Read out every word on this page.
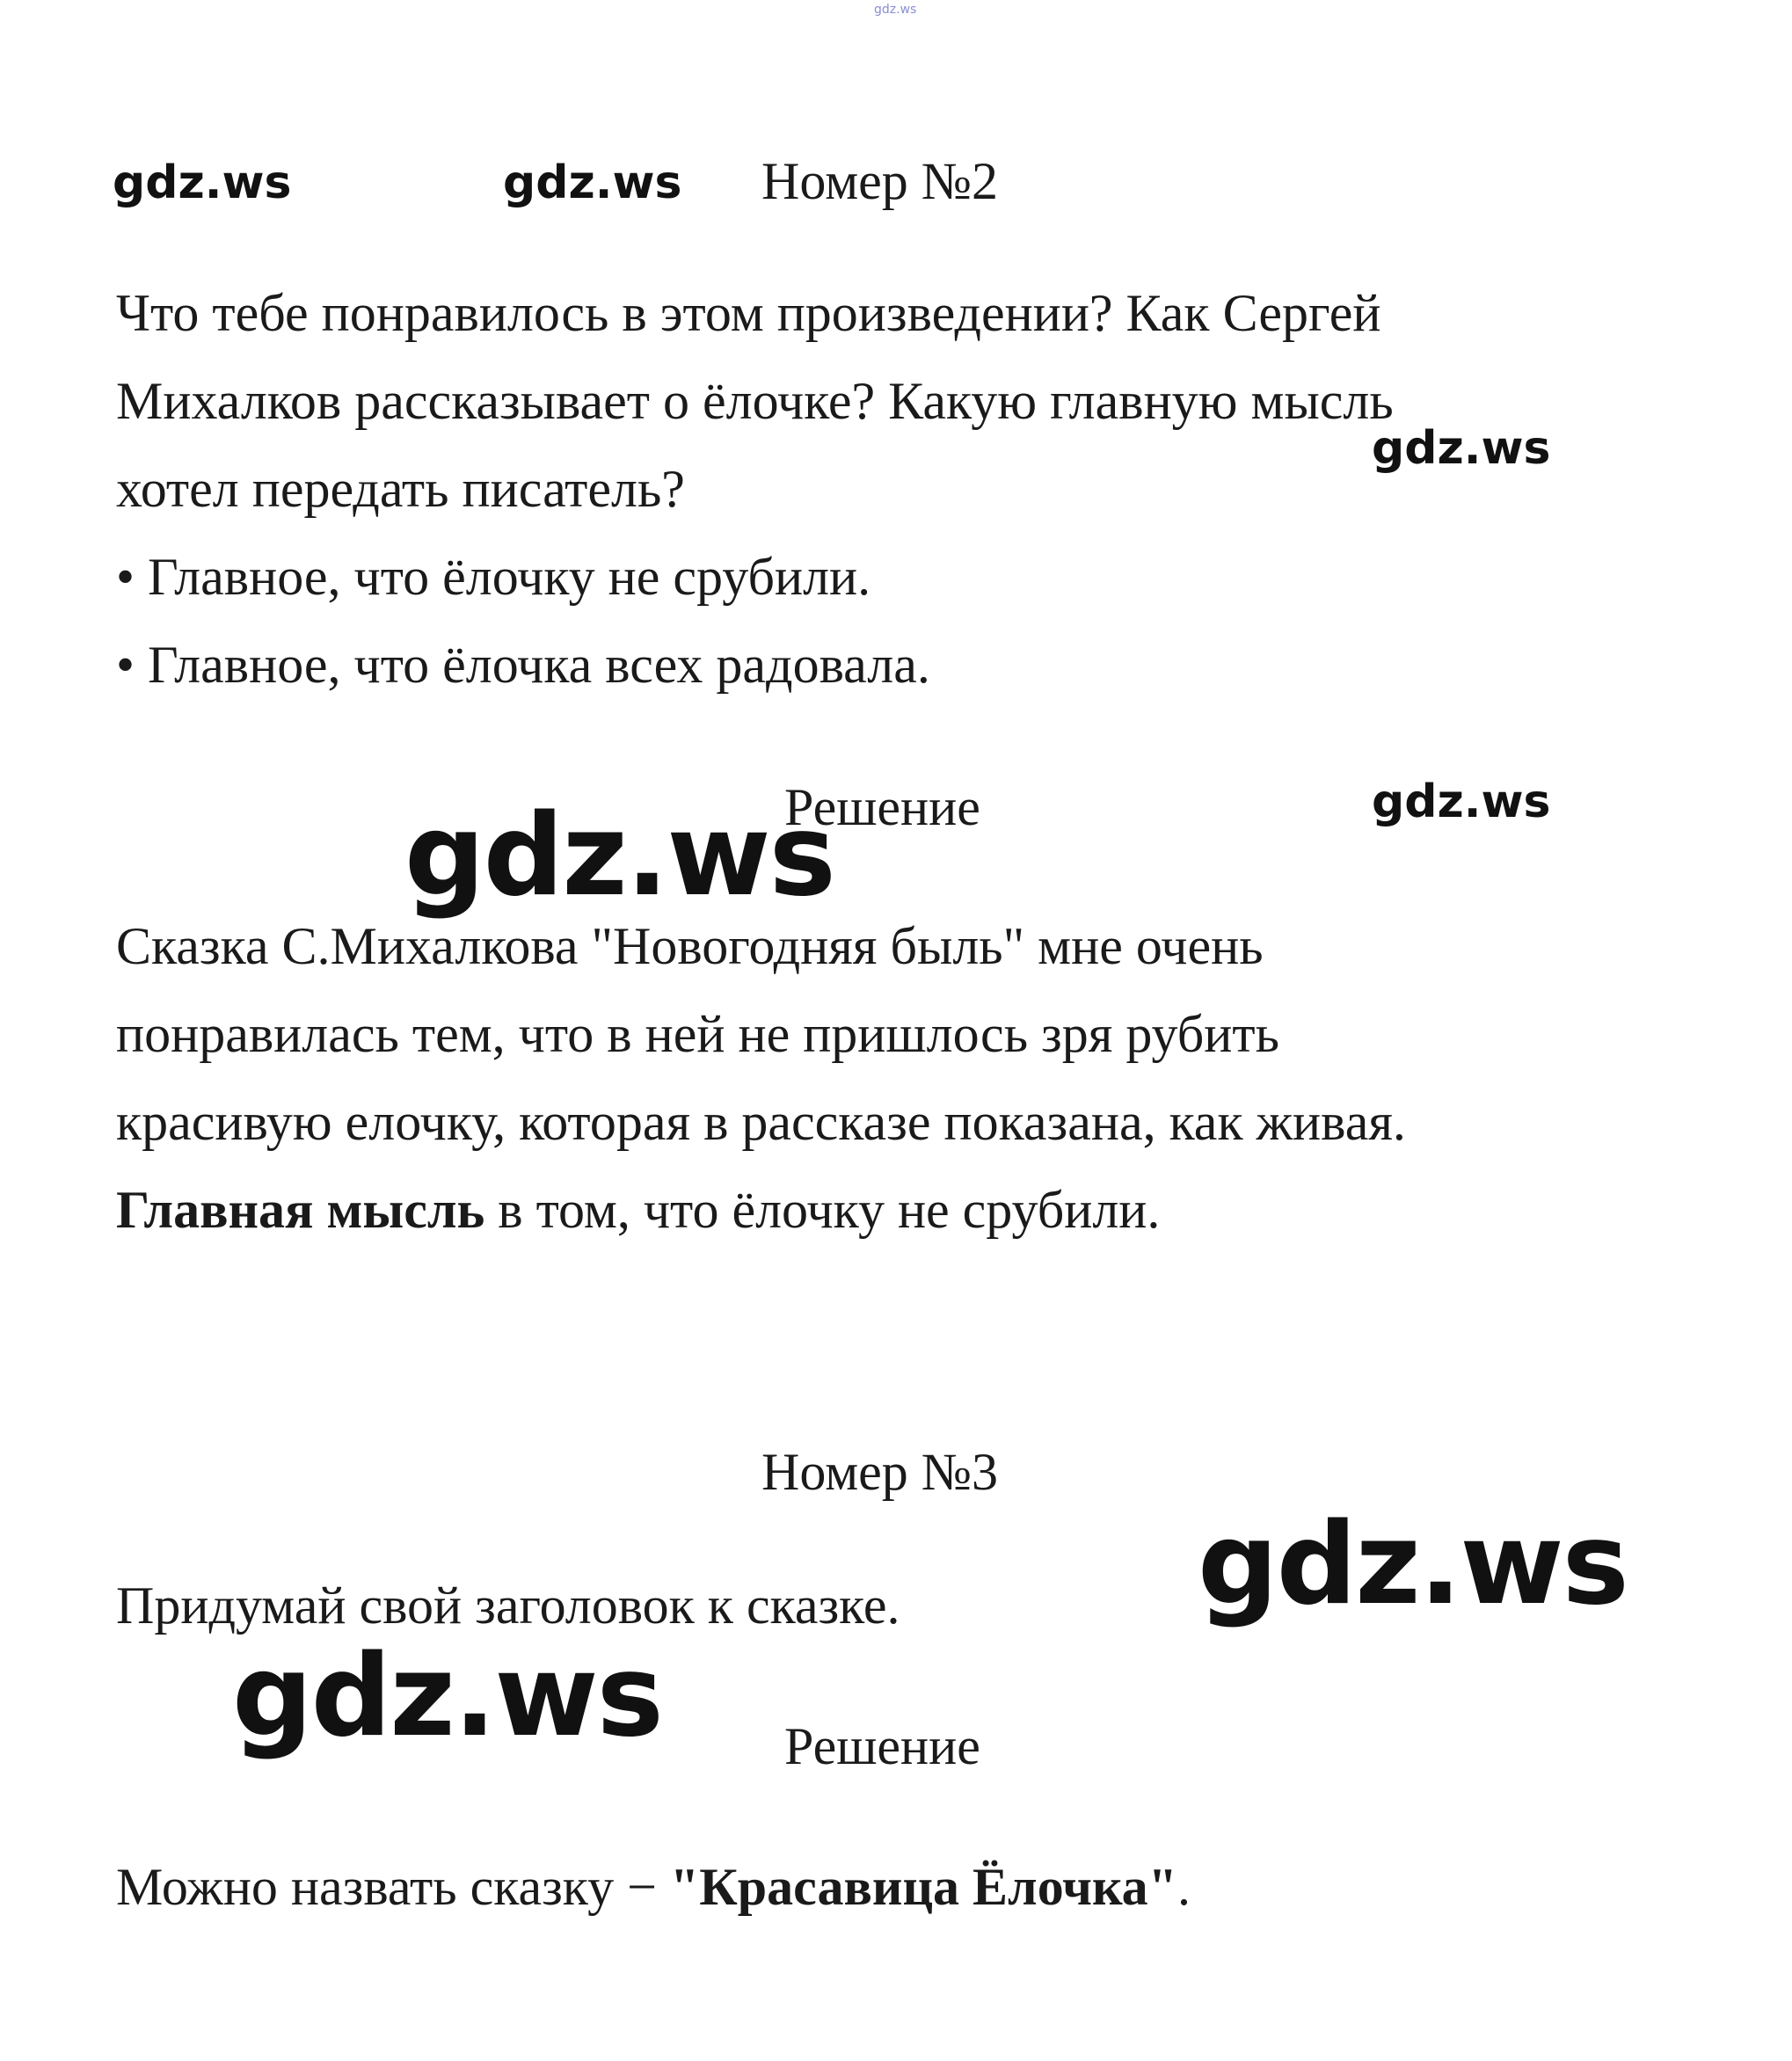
gdz.ws
gdz.ws	gdz.ws
gdz.ws
gdz.ws
gdz.ws
gdz.ws
gdz.ws
Номер №2
Что тебе понравилось в этом произведении? Как Сергей
Михалков рассказывает о ёлочке? Какую главную мысль
хотел передать писатель?
• Главное, что ёлочку не срубили.
• Главное, что ёлочка всех радовала.
Решение
Сказка С.Михалкова "Новогодняя быль" мне очень
понравилась тем, что в ней не пришлось зря рубить
красивую елочку, которая в рассказе показана, как живая.
Главная мысль в том, что ёлочку не срубили.
Номер №3
Придумай свой заголовок к сказке.
Решение
Можно назвать сказку − "Красавица Ёлочка".
